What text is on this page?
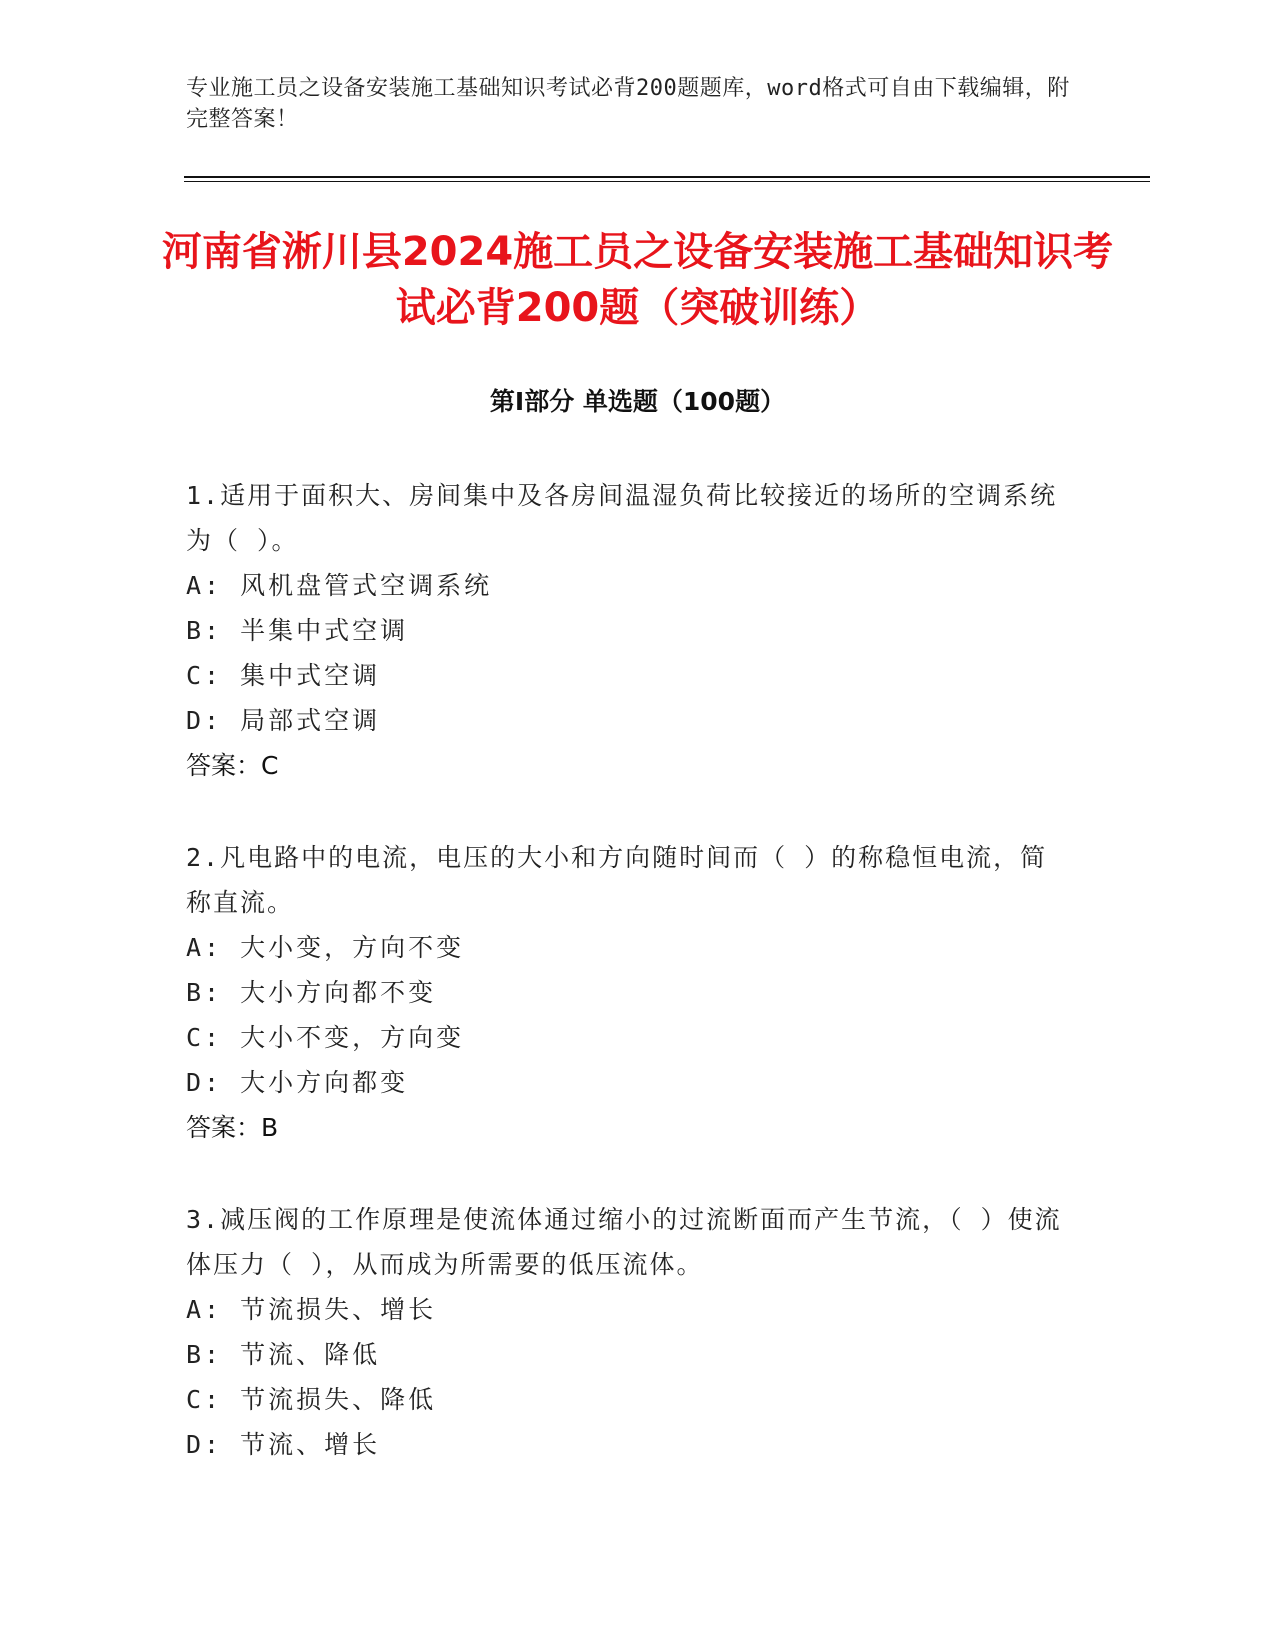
专业施工员之设备安装施工基础知识考试必背200题题库，word格式可自由下载编辑，附完整答案！
河南省淅川县2024施工员之设备安装施工基础知识考试必背200题（突破训练）
第Ⅰ部分 单选题（100题）
1.适用于面积大、房间集中及各房间温湿负荷比较接近的场所的空调系统为（ ）。
A: 风机盘管式空调系统
B: 半集中式空调
C: 集中式空调
D: 局部式空调
答案：C
2.凡电路中的电流，电压的大小和方向随时间而（ ）的称稳恒电流，简称直流。
A: 大小变，方向不变
B: 大小方向都不变
C: 大小不变，方向变
D: 大小方向都变
答案：B
3.减压阀的工作原理是使流体通过缩小的过流断面而产生节流，（ ）使流体压力（ ），从而成为所需要的低压流体。
A: 节流损失、增长
B: 节流、降低
C: 节流损失、降低
D: 节流、增长
